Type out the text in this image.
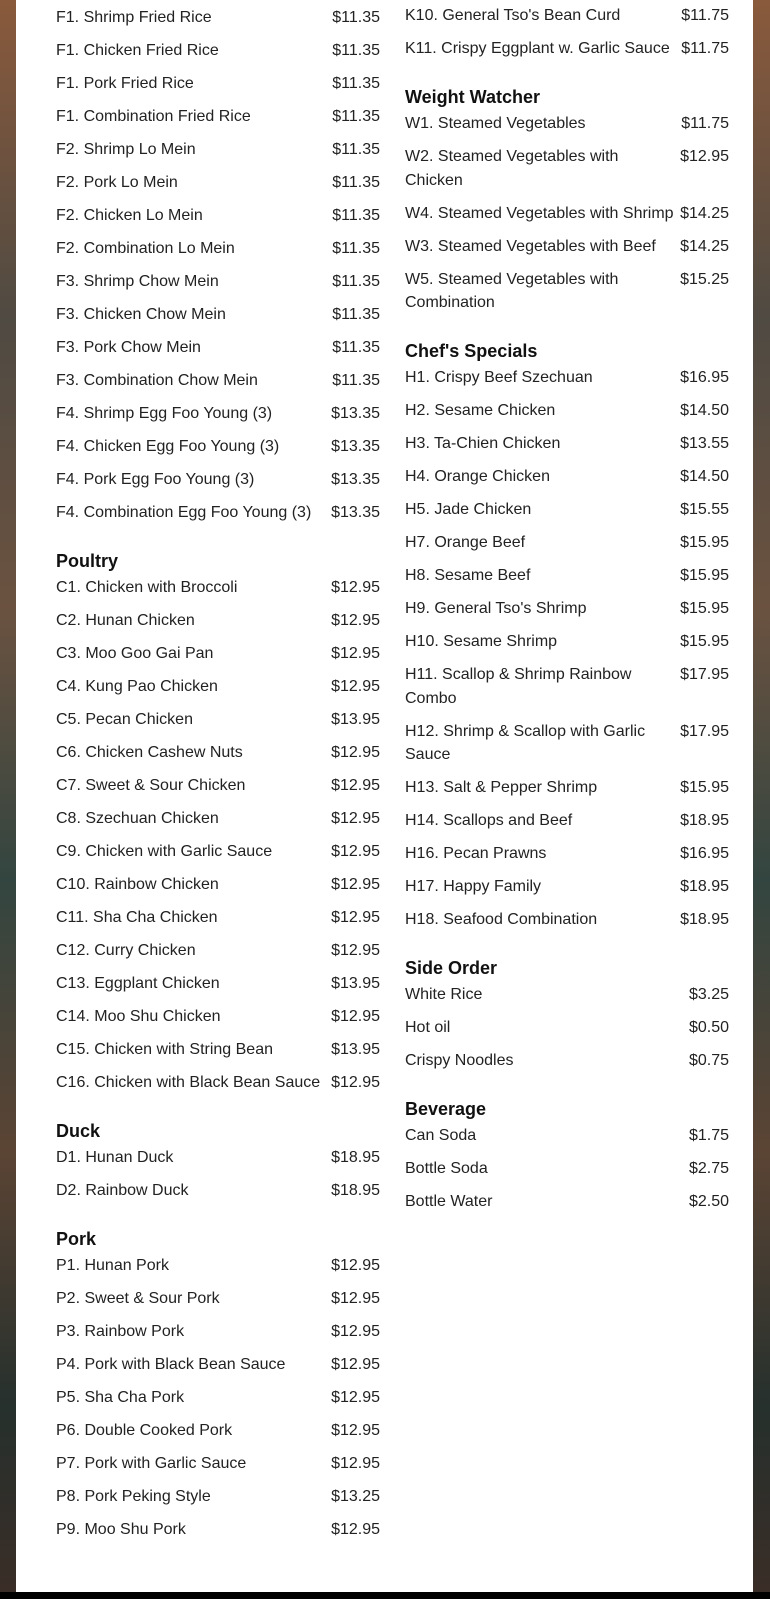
F1. Shrimp Fried Rice	$11.35
F1. Chicken Fried Rice	$11.35
F1. Pork Fried Rice	$11.35
F1. Combination Fried Rice	$11.35
F2. Shrimp Lo Mein	$11.35
F2. Pork Lo Mein	$11.35
F2. Chicken Lo Mein	$11.35
F2. Combination Lo Mein	$11.35
F3. Shrimp Chow Mein	$11.35
F3. Chicken Chow Mein	$11.35
F3. Pork Chow Mein	$11.35
F3. Combination Chow Mein	$11.35
F4. Shrimp Egg Foo Young (3)	$13.35
F4. Chicken Egg Foo Young (3)	$13.35
F4. Pork Egg Foo Young (3)	$13.35
F4. Combination Egg Foo Young (3)	$13.35
Poultry
C1. Chicken with Broccoli	$12.95
C2. Hunan Chicken	$12.95
C3. Moo Goo Gai Pan	$12.95
C4. Kung Pao Chicken	$12.95
C5. Pecan Chicken	$13.95
C6. Chicken Cashew Nuts	$12.95
C7. Sweet & Sour Chicken	$12.95
C8. Szechuan Chicken	$12.95
C9. Chicken with Garlic Sauce	$12.95
C10. Rainbow Chicken	$12.95
C11. Sha Cha Chicken	$12.95
C12. Curry Chicken	$12.95
C13. Eggplant Chicken	$13.95
C14. Moo Shu Chicken	$12.95
C15. Chicken with String Bean	$13.95
C16. Chicken with Black Bean Sauce $12.95
Duck
D1. Hunan Duck	$18.95
D2. Rainbow Duck	$18.95
Pork
P1. Hunan Pork	$12.95
P2. Sweet & Sour Pork	$12.95
P3. Rainbow Pork	$12.95
P4. Pork with Black Bean Sauce	$12.95
P5. Sha Cha Pork	$12.95
P6. Double Cooked Pork	$12.95
P7. Pork with Garlic Sauce	$12.95
P8. Pork Peking Style	$13.25
P9. Moo Shu Pork	$12.95
K10. General Tso's Bean Curd	$11.75
K11. Crispy Eggplant w. Garlic Sauce $11.75
Weight Watcher
W1. Steamed Vegetables	$11.75
W2. Steamed Vegetables with Chicken
$12.95
W4. Steamed Vegetables with Shrimp $14.25
W3. Steamed Vegetables with Beef	$14.25
W5. Steamed Vegetables with Combination
$15.25
Chef's Specials
H1. Crispy Beef Szechuan	$16.95
H2. Sesame Chicken	$14.50
H3. Ta-Chien Chicken	$13.55
H4. Orange Chicken	$14.50
H5. Jade Chicken	$15.55
H7. Orange Beef	$15.95
H8. Sesame Beef	$15.95
H9. General Tso's Shrimp	$15.95
H10. Sesame Shrimp	$15.95
H11. Scallop & Shrimp Rainbow Combo
$17.95
H12. Shrimp & Scallop with Garlic Sauce
$17.95
H13. Salt & Pepper Shrimp	$15.95
H14. Scallops and Beef	$18.95
H16. Pecan Prawns	$16.95
H17. Happy Family	$18.95
H18. Seafood Combination	$18.95
Side Order
White Rice	$3.25
Hot oil	$0.50
Crispy Noodles	$0.75
Beverage
Can Soda	$1.75
Bottle Soda	$2.75
Bottle Water	$2.50
